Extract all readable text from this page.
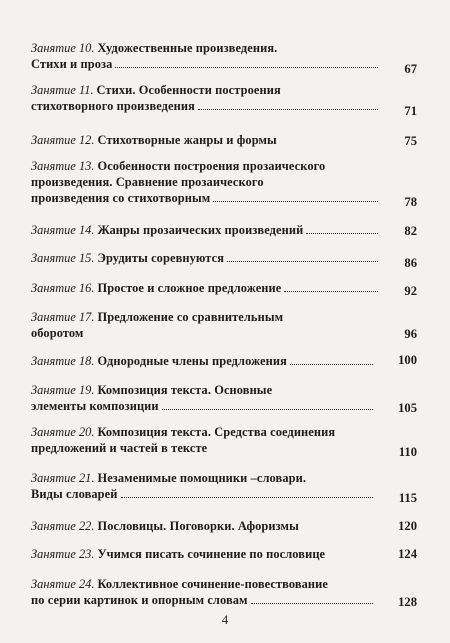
Занятие 10. Художественные произведения.
Стихи и проза	67
Занятие 11. Стихи. Особенности построения
стихотворного произведения	71
Занятие 12. Стихотворные жанры и формы	75
Занятие 13. Особенности построения прозаического
произведения. Сравнение прозаического
произведения со стихотворным	78
Занятие 14. Жанры прозаических произведений	82
Занятие 15. Эрудиты соревнуются	86
Занятие 16. Простое и сложное предложение	92
Занятие 17. Предложение со сравнительным
оборотом	96
Занятие 18. Однородные члены предложения	100
Занятие 19. Композиция текста. Основные
элементы композиции	105
Занятие 20. Композиция текста. Средства соединения
предложений и частей в тексте	110
Занятие 21. Незаменимые помощники –словари.
Виды словарей	115
Занятие 22. Пословицы. Поговорки. Афоризмы	120
Занятие 23. Учимся писать сочинение по пословице	124
Занятие 24. Коллективное сочинение-повествование
по серии картинок и опорным словам	128
4
